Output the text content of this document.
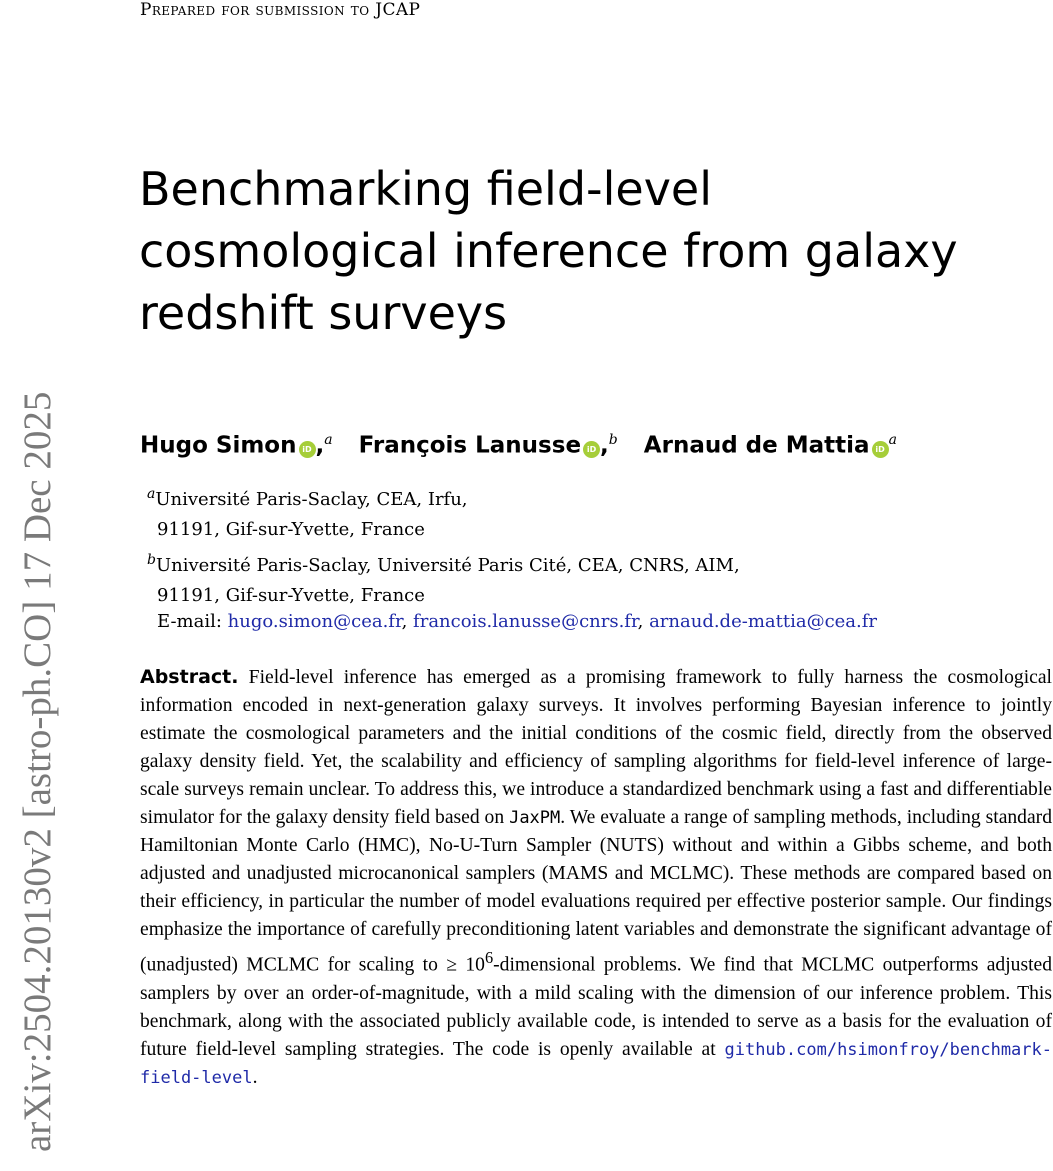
Prepared for submission to JCAP
arXiv:2504.20130v2 [astro-ph.CO] 17 Dec 2025
Benchmarking field-level
cosmological inference from galaxy
redshift surveys
Hugo Simon iD ,$^a$ François Lanusse iD ,$^b$ Arnaud de Mattia $iD^a$
$^a$Université Paris-Saclay, CEA, Irfu,
91191, Gif-sur-Yvette, France
$^b$Université Paris-Saclay, Université Paris Cité, CEA, CNRS, AIM,
91191, Gif-sur-Yvette, France
E-mail: hugo.simon@cea.fr, francois.lanusse@cnrs.fr, arnaud.de-mattia@cea.fr

Abstract. Field-level inference has emerged as a promising framework to fully harness the cosmological information encoded in next-generation galaxy surveys. It involves performing Bayesian inference to jointly estimate the cosmological parameters and the initial conditions of the cosmic field, directly from the observed galaxy density field. Yet, the scalability and efficiency of sampling algorithms for field-level inference of large-scale surveys remain unclear. To address this, we introduce a standardized benchmark using a fast and differentiable simulator for the galaxy density field based on JaxPM. We evaluate a range of sampling methods, including standard Hamiltonian Monte Carlo (HMC), No-U-Turn Sampler (NUTS) without and within a Gibbs scheme, and both adjusted and unadjusted microcanonical samplers (MAMS and MCLMC). These methods are compared based on their efficiency, in particular the number of model evaluations required per effective posterior sample. Our findings emphasize the importance of carefully preconditioning latent variables and demonstrate the significant advantage of (unadjusted) MCLMC for scaling to ≥ $10^6$-dimensional problems. We find that MCLMC outperforms adjusted samplers by over an order-of-magnitude, with a mild scaling with the dimension of our inference problem. This benchmark, along with the associated publicly available code, is intended to serve as a basis for the evaluation of future field-level sampling strategies. The code is openly available at github.com/hsimonfroy/benchmark-field-level.
